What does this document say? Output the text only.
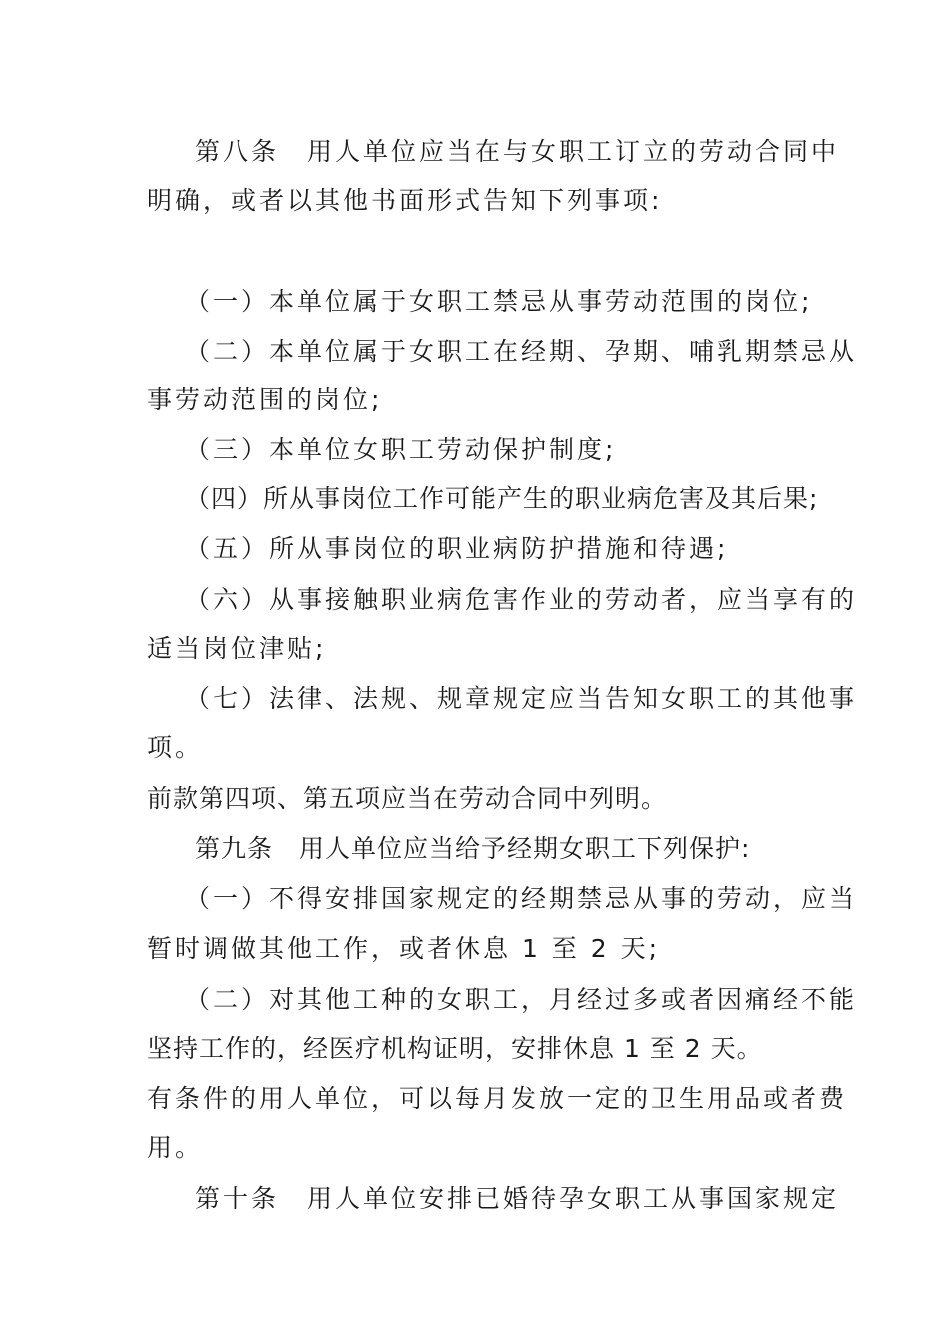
第八条　用人单位应当在与女职工订立的劳动合同中
明确，或者以其他书面形式告知下列事项:
（一）本单位属于女职工禁忌从事劳动范围的岗位;
（二）本单位属于女职工在经期、孕期、哺乳期禁忌从
事劳动范围的岗位;
（三）本单位女职工劳动保护制度;
（四）所从事岗位工作可能产生的职业病危害及其后果;
（五）所从事岗位的职业病防护措施和待遇;
（六）从事接触职业病危害作业的劳动者，应当享有的
适当岗位津贴;
（七）法律、法规、规章规定应当告知女职工的其他事
项。
前款第四项、第五项应当在劳动合同中列明。
第九条　用人单位应当给予经期女职工下列保护:
（一）不得安排国家规定的经期禁忌从事的劳动，应当
暂时调做其他工作，或者休息 1 至 2 天;
（二）对其他工种的女职工，月经过多或者因痛经不能
坚持工作的，经医疗机构证明，安排休息 1 至 2 天。
有条件的用人单位，可以每月发放一定的卫生用品或者费
用。
第十条　用人单位安排已婚待孕女职工从事国家规定
